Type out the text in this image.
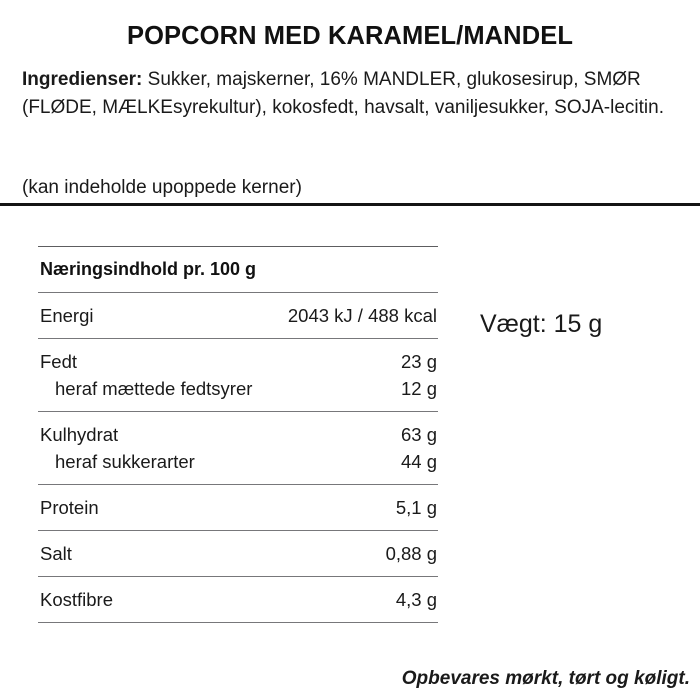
POPCORN MED KARAMEL/MANDEL

Ingredienser: Sukker, majskerner, 16% MANDLER, glukosesirup, SMØR (FLØDE, MÆLKEsyrekultur), kokosfedt, havsalt, vaniljesukker, SOJA-lecitin.

(kan indeholde upoppede kerner)
Næringsindhold pr. 100 g
Energi	2043 kJ / 488 kcal
Fedt	23 g
heraf mættede fedtsyrer	12 g
Kulhydrat	63 g
heraf sukkerarter	44 g
Protein	5,1 g
Salt	0,88 g
Kostfibre	4,3 g
Vægt: 15 g
Opbevares mørkt, tørt og køligt.
